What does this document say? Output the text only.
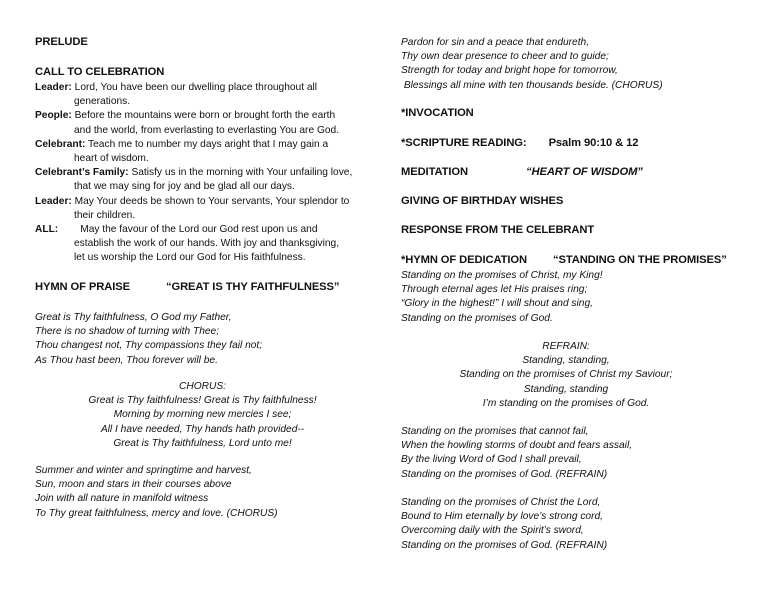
PRELUDE
CALL TO CELEBRATION
Leader: Lord, You have been our dwelling place throughout all
generations.
People: Before the mountains were born or brought forth the earth
and the world, from everlasting to everlasting You are God.
Celebrant: Teach me to number my days aright that I may gain a
heart of wisdom.
Celebrant’s Family: Satisfy us in the morning with Your unfailing love,
that we may sing for joy and be glad all our days.
Leader: May Your deeds be shown to Your servants, Your splendor to
their children.
ALL: May the favour of the Lord our God rest upon us and
establish the work of our hands. With joy and thanksgiving,
let us worship the Lord our God for His faithfulness.
HYMN OF PRAISE	“GREAT IS THY FAITHFULNESS”
Great is Thy faithfulness, O God my Father,
There is no shadow of turning with Thee;
Thou changest not, Thy compassions they fail not;
As Thou hast been, Thou forever will be.
CHORUS:
Great is Thy faithfulness! Great is Thy faithfulness!
Morning by morning new mercies I see;
All I have needed, Thy hands hath provided--
Great is Thy faithfulness, Lord unto me!
Summer and winter and springtime and harvest,
Sun, moon and stars in their courses above
Join with all nature in manifold witness
To Thy great faithfulness, mercy and love. (CHORUS)
Pardon for sin and a peace that endureth,
Thy own dear presence to cheer and to guide;
Strength for today and bright hope for tomorrow,
Blessings all mine with ten thousands beside. (CHORUS)
*INVOCATION
*SCRIPTURE READING: Psalm 90:10 & 12
MEDITATION	“HEART OF WISDOM”
GIVING OF BIRTHDAY WISHES
RESPONSE FROM THE CELEBRANT
*HYMN OF DEDICATION “STANDING ON THE PROMISES”
Standing on the promises of Christ, my King!
Through eternal ages let His praises ring;
“Glory in the highest!” I will shout and sing,
Standing on the promises of God.
REFRAIN:
Standing, standing,
Standing on the promises of Christ my Saviour;
Standing, standing
I’m standing on the promises of God.
Standing on the promises that cannot fail,
When the howling storms of doubt and fears assail,
By the living Word of God I shall prevail,
Standing on the promises of God. (REFRAIN)
Standing on the promises of Christ the Lord,
Bound to Him eternally by love’s strong cord,
Overcoming daily with the Spirit’s sword,
Standing on the promises of God. (REFRAIN)
